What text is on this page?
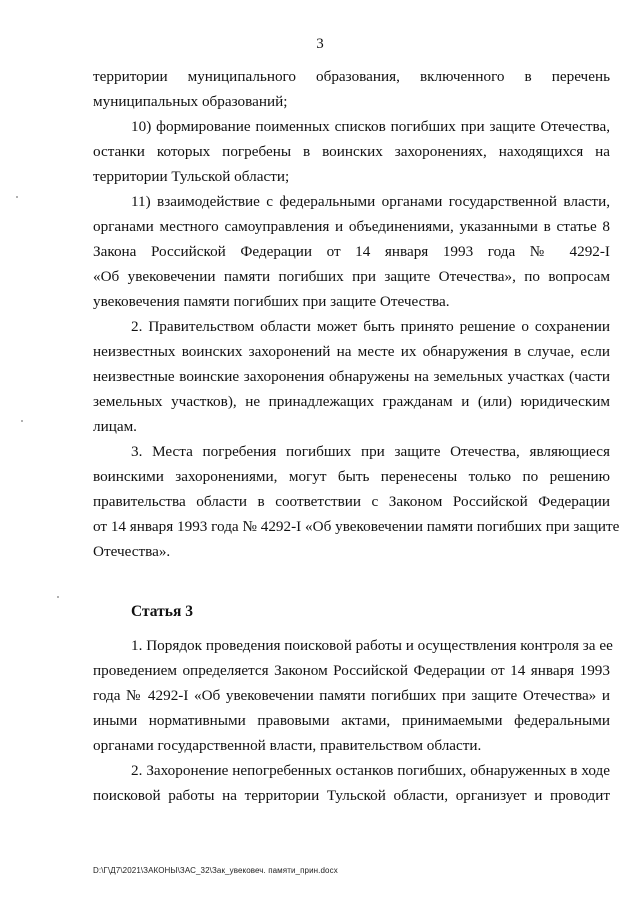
3
территории муниципального образования, включенного в перечень
муниципальных образований;
10) формирование поименных списков погибших при защите Отечества,
останки которых погребены в воинских захоронениях, находящихся на
территории Тульской области;
11) взаимодействие с федеральными органами государственной власти,
органами местного самоуправления и объединениями, указанными в статье 8
Закона Российской Федерации от 14 января 1993 года № 4292-I
«Об увековечении памяти погибших при защите Отечества», по вопросам
увековечения памяти погибших при защите Отечества.
2. Правительством области может быть принято решение о сохранении
неизвестных воинских захоронений на месте их обнаружения в случае, если
неизвестные воинские захоронения обнаружены на земельных участках (части
земельных участков), не принадлежащих гражданам и (или) юридическим
лицам.
3. Места погребения погибших при защите Отечества, являющиеся
воинскими захоронениями, могут быть перенесены только по решению
правительства области в соответствии с Законом Российской Федерации
от 14 января 1993 года № 4292-I «Об увековечении памяти погибших при защите
Отечества».
Статья 3
1. Порядок проведения поисковой работы и осуществления контроля за ее
проведением определяется Законом Российской Федерации от 14 января 1993
года № 4292-I «Об увековечении памяти погибших при защите Отечества» и
иными нормативными правовыми актами, принимаемыми федеральными
органами государственной власти, правительством области.
2. Захоронение непогребенных останков погибших, обнаруженных в ходе
поисковой работы на территории Тульской области, организует и проводит
D:\Г\Д7\2021\ЗАКОНЫ\ЗАС_32\Зак_увековеч. памяти_прин.docx
